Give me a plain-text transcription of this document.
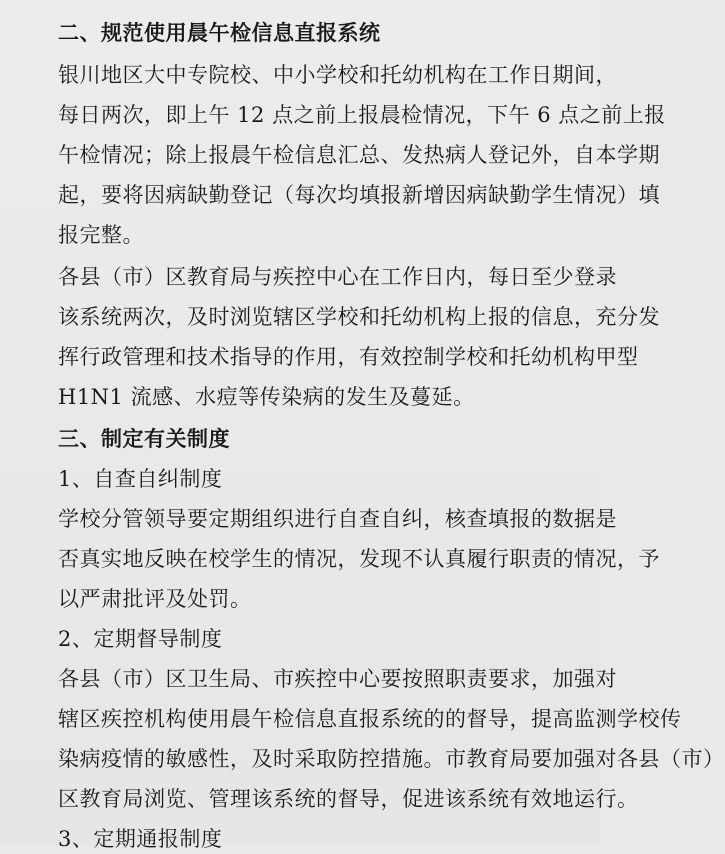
二、规范使用晨午检信息直报系统
银川地区大中专院校、中小学校和托幼机构在工作日期间，
每日两次，即上午 12 点之前上报晨检情况，下午 6 点之前上报
午检情况；除上报晨午检信息汇总、发热病人登记外，自本学期
起，要将因病缺勤登记（每次均填报新增因病缺勤学生情况）填
报完整。
各县（市）区教育局与疾控中心在工作日内，每日至少登录
该系统两次，及时浏览辖区学校和托幼机构上报的信息，充分发
挥行政管理和技术指导的作用，有效控制学校和托幼机构甲型
H1N1 流感、水痘等传染病的发生及蔓延。
三、制定有关制度
1、自查自纠制度
学校分管领导要定期组织进行自查自纠，核查填报的数据是
否真实地反映在校学生的情况，发现不认真履行职责的情况，予
以严肃批评及处罚。
2、定期督导制度
各县（市）区卫生局、市疾控中心要按照职责要求，加强对
辖区疾控机构使用晨午检信息直报系统的的督导，提高监测学校传
染病疫情的敏感性，及时采取防控措施。市教育局要加强对各县（市）
区教育局浏览、管理该系统的督导，促进该系统有效地运行。
3、定期通报制度
